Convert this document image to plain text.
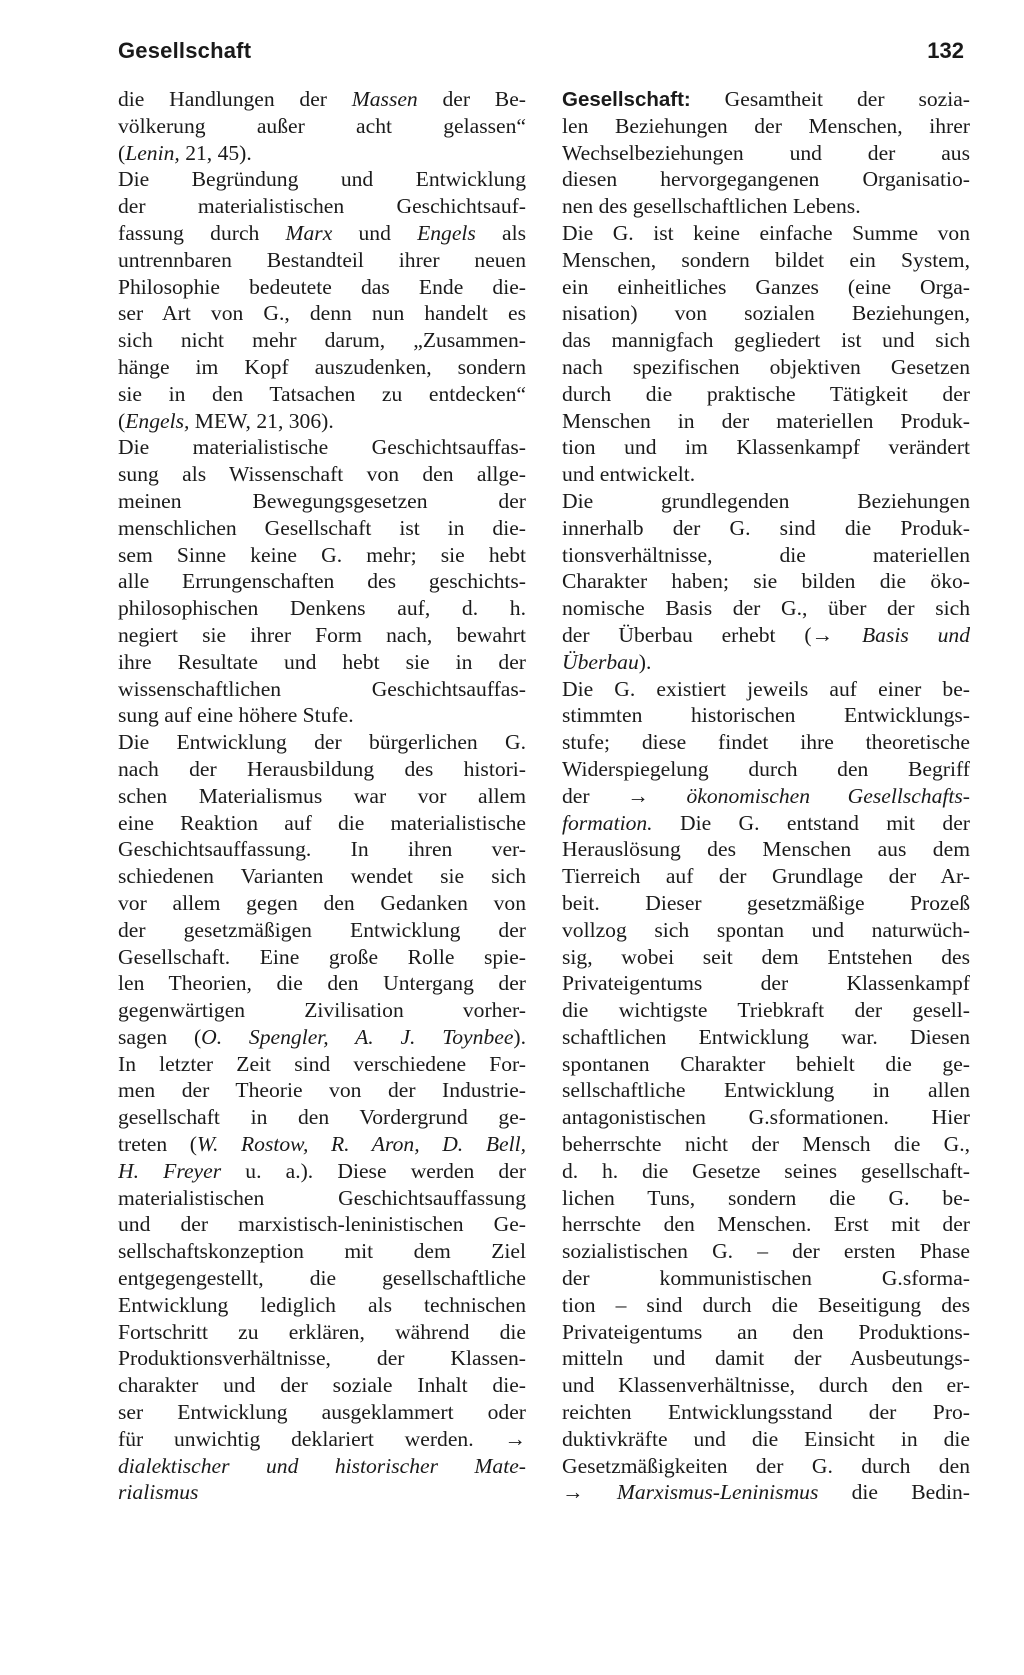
Gesellschaft	132
die Handlungen der Massen der Be-
völkerung außer acht gelassen“
(Lenin, 21, 45).
Die Begründung und Entwicklung
der materialistischen Geschichtsauf-
fassung durch Marx und Engels als
untrennbaren Bestandteil ihrer neuen
Philosophie bedeutete das Ende die-
ser Art von G., denn nun handelt es
sich nicht mehr darum, „Zusammen-
hänge im Kopf auszudenken, sondern
sie in den Tatsachen zu entdecken“
(Engels, MEW, 21, 306).
Die materialistische Geschichtsauffas-
sung als Wissenschaft von den allge-
meinen Bewegungsgesetzen der
menschlichen Gesellschaft ist in die-
sem Sinne keine G. mehr; sie hebt
alle Errungenschaften des geschichts-
philosophischen Denkens auf, d. h.
negiert sie ihrer Form nach, bewahrt
ihre Resultate und hebt sie in der
wissenschaftlichen Geschichtsauffas-
sung auf eine höhere Stufe.
Die Entwicklung der bürgerlichen G.
nach der Herausbildung des histori-
schen Materialismus war vor allem
eine Reaktion auf die materialistische
Geschichtsauffassung. In ihren ver-
schiedenen Varianten wendet sie sich
vor allem gegen den Gedanken von
der gesetzmäßigen Entwicklung der
Gesellschaft. Eine große Rolle spie-
len Theorien, die den Untergang der
gegenwärtigen Zivilisation vorher-
sagen (O. Spengler, A. J. Toynbee).
In letzter Zeit sind verschiedene For-
men der Theorie von der Industrie-
gesellschaft in den Vordergrund ge-
treten (W. Rostow, R. Aron, D. Bell,
H. Freyer u. a.). Diese werden der
materialistischen Geschichtsauffassung
und der marxistisch-leninistischen Ge-
sellschaftskonzeption mit dem Ziel
entgegengestellt, die gesellschaftliche
Entwicklung lediglich als technischen
Fortschritt zu erklären, während die
Produktionsverhältnisse, der Klassen-
charakter und der soziale Inhalt die-
ser Entwicklung ausgeklammert oder
für unwichtig deklariert werden. →
dialektischer und historischer Mate-
rialismus
Gesellschaft: Gesamtheit der sozia-
len Beziehungen der Menschen, ihrer
Wechselbeziehungen und der aus
diesen hervorgegangenen Organisatio-
nen des gesellschaftlichen Lebens.
Die G. ist keine einfache Summe von
Menschen, sondern bildet ein System,
ein einheitliches Ganzes (eine Orga-
nisation) von sozialen Beziehungen,
das mannigfach gegliedert ist und sich
nach spezifischen objektiven Gesetzen
durch die praktische Tätigkeit der
Menschen in der materiellen Produk-
tion und im Klassenkampf verändert
und entwickelt.
Die grundlegenden Beziehungen
innerhalb der G. sind die Produk-
tionsverhältnisse, die materiellen
Charakter haben; sie bilden die öko-
nomische Basis der G., über der sich
der Überbau erhebt (→ Basis und
Überbau).
Die G. existiert jeweils auf einer be-
stimmten historischen Entwicklungs-
stufe; diese findet ihre theoretische
Widerspiegelung durch den Begriff
der → ökonomischen Gesellschafts-
formation. Die G. entstand mit der
Herauslösung des Menschen aus dem
Tierreich auf der Grundlage der Ar-
beit. Dieser gesetzmäßige Prozeß
vollzog sich spontan und naturwüch-
sig, wobei seit dem Entstehen des
Privateigentums der Klassenkampf
die wichtigste Triebkraft der gesell-
schaftlichen Entwicklung war. Diesen
spontanen Charakter behielt die ge-
sellschaftliche Entwicklung in allen
antagonistischen G.sformationen. Hier
beherrschte nicht der Mensch die G.,
d. h. die Gesetze seines gesellschaft-
lichen Tuns, sondern die G. be-
herrschte den Menschen. Erst mit der
sozialistischen G. – der ersten Phase
der kommunistischen G.sforma-
tion – sind durch die Beseitigung des
Privateigentums an den Produktions-
mitteln und damit der Ausbeutungs-
und Klassenverhältnisse, durch den er-
reichten Entwicklungsstand der Pro-
duktivkräfte und die Einsicht in die
Gesetzmäßigkeiten der G. durch den
→ Marxismus-Leninismus die Bedin-
